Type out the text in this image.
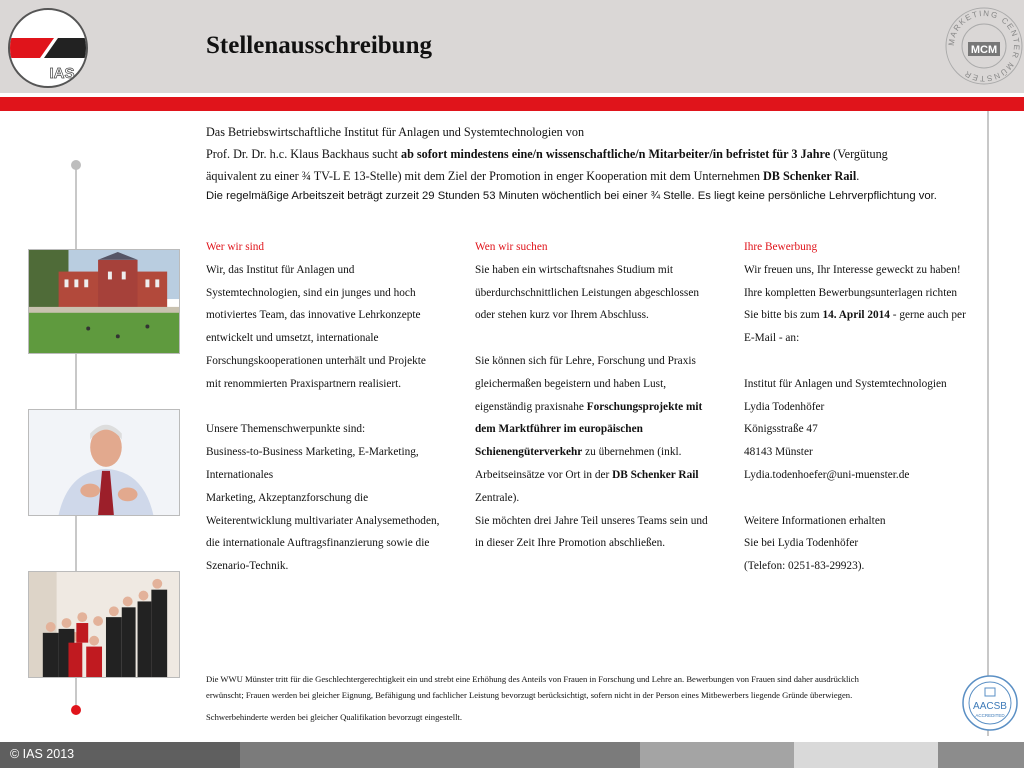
IAS
Stellenausschreibung	MARKETING CENTER MÜNSTER
MCM
Das Betriebswirtschaftliche Institut für Anlagen und Systemtechnologien von
Prof. Dr. Dr. h.c. Klaus Backhaus sucht ab sofort mindestens eine/n wissenschaftliche/n Mitarbeiter/in befristet für 3 Jahre (Vergütung
äquivalent zu einer ¾ TV-L E 13-Stelle) mit dem Ziel der Promotion in enger Kooperation mit dem Unternehmen DB Schenker Rail.
Die regelmäßige Arbeitszeit beträgt zurzeit 29 Stunden 53 Minuten wöchentlich bei einer ¾ Stelle. Es liegt keine persönliche Lehrverpflichtung vor.
Wer wir sind
Wir, das Institut für Anlagen und
Systemtechnologien, sind ein junges und hoch
motiviertes Team, das innovative Lehrkonzepte
entwickelt und umsetzt, internationale
Forschungskooperationen unterhält und Projekte
mit renommierten Praxispartnern realisiert.
Unsere Themenschwerpunkte sind:
Business-to-Business Marketing, E-Marketing,
Internationales
Marketing, Akzeptanzforschung die
Weiterentwicklung multivariater Analysemethoden,
die internationale Auftragsfinanzierung sowie die
Szenario-Technik.
Wen wir suchen
Sie haben ein wirtschaftsnahes Studium mit
überdurchschnittlichen Leistungen abgeschlossen
oder stehen kurz vor Ihrem Abschluss.
Sie können sich für Lehre, Forschung und Praxis
gleichermaßen begeistern und haben Lust,
eigenständig praxisnahe Forschungsprojekte mit
dem Marktführer im europäischen
Schienengüterverkehr zu übernehmen (inkl.
Arbeitseinsätze vor Ort in der DB Schenker Rail
Zentrale).
Sie möchten drei Jahre Teil unseres Teams sein und
in dieser Zeit Ihre Promotion abschließen.
Ihre Bewerbung
Wir freuen uns, Ihr Interesse geweckt zu haben!
Ihre kompletten Bewerbungsunterlagen richten
Sie bitte bis zum 14. April 2014 - gerne auch per
E-Mail - an:
Institut für Anlagen und Systemtechnologien
Lydia Todenhöfer
Königsstraße 47
48143 Münster
Lydia.todenhoefer@uni-muenster.de
Weitere Informationen erhalten
Sie bei Lydia Todenhöfer
(Telefon: 0251-83-29923).
Die WWU Münster tritt für die Geschlechtergerechtigkeit ein und strebt eine Erhöhung des Anteils von Frauen in Forschung und Lehre an. Bewerbungen von Frauen sind daher ausdrücklich
erwünscht; Frauen werden bei gleicher Eignung, Befähigung und fachlicher Leistung bevorzugt berücksichtigt, sofern nicht in der Person eines Mitbewerbers liegende Gründe überwiegen.
Schwerbehinderte werden bei gleicher Qualifikation bevorzugt eingestellt.
AACSB
ACCREDITED
© IAS 2013
